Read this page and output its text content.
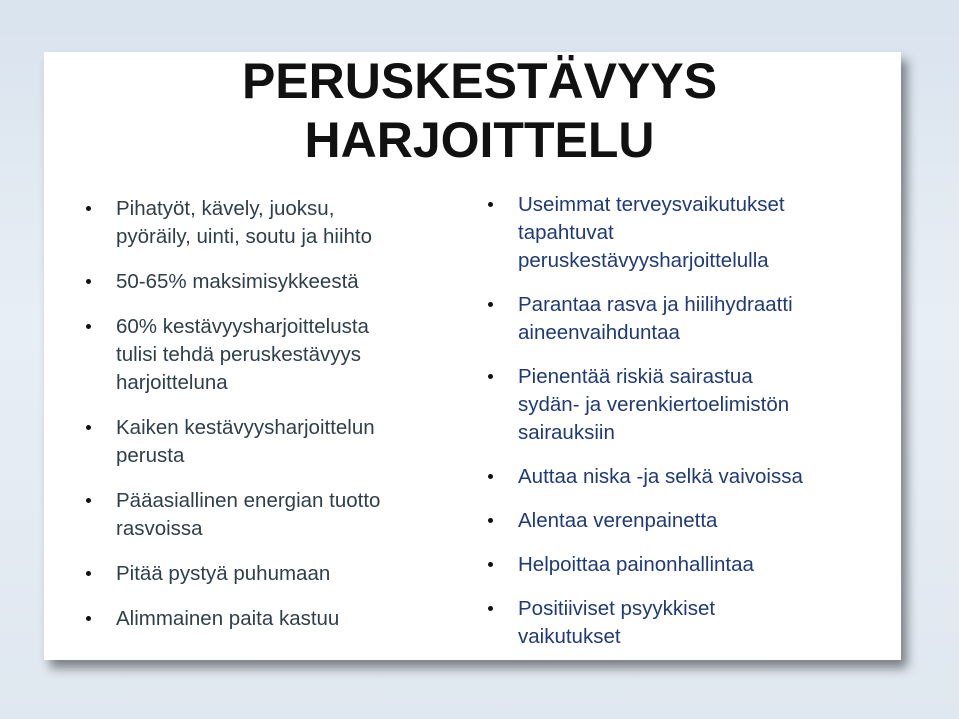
PERUSKESTÄVYYS
HARJOITTELU
Pihatyöt, kävely, juoksu,
pyöräily, uinti, soutu ja hiihto
50-65% maksimisykkeestä
60% kestävyysharjoittelusta
tulisi tehdä peruskestävyys
harjoitteluna
Kaiken kestävyysharjoittelun
perusta
Pääasiallinen energian tuotto
rasvoissa
Pitää pystyä puhumaan
Alimmainen paita kastuu
Useimmat terveysvaikutukset
tapahtuvat
peruskestävyysharjoittelulla
Parantaa rasva ja hiilihydraatti
aineenvaihduntaa
Pienentää riskiä sairastua
sydän- ja verenkiertoelimistön
sairauksiin
Auttaa niska -ja selkä vaivoissa
Alentaa verenpainetta
Helpoittaa painonhallintaa
Positiiviset psyykkiset
vaikutukset
